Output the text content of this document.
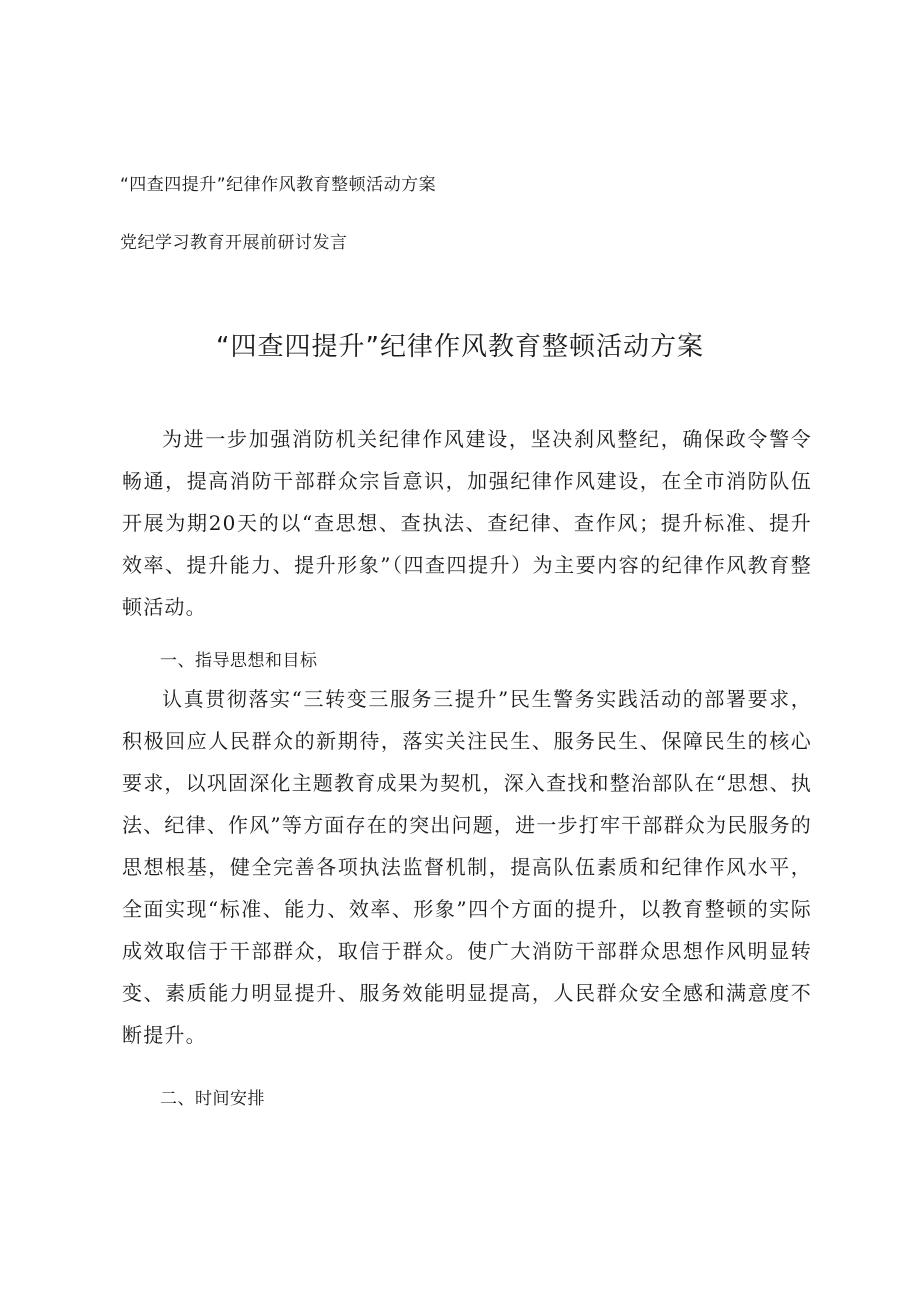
“四查四提升”纪律作风教育整顿活动方案
党纪学习教育开展前研讨发言
“四查四提升”纪律作风教育整顿活动方案

为进一步加强消防机关纪律作风建设，坚决刹风整纪，确保政令警令畅通，提高消防干部群众宗旨意识，加强纪律作风建设，在全市消防队伍开展为期20天的以“查思想、查执法、查纪律、查作风；提升标准、提升效率、提升能力、提升形象”（四查四提升）为主要内容的纪律作风教育整顿活动。

一、指导思想和目标

认真贯彻落实“三转变三服务三提升”民生警务实践活动的部署要求，积极回应人民群众的新期待，落实关注民生、服务民生、保障民生的核心要求，以巩固深化主题教育成果为契机，深入查找和整治部队在“思想、执法、纪律、作风”等方面存在的突出问题，进一步打牢干部群众为民服务的思想根基，健全完善各项执法监督机制，提高队伍素质和纪律作风水平，全面实现“标准、能力、效率、形象”四个方面的提升，以教育整顿的实际成效取信于干部群众，取信于群众。使广大消防干部群众思想作风明显转变、素质能力明显提升、服务效能明显提高，人民群众安全感和满意度不断提升。

二、时间安排
